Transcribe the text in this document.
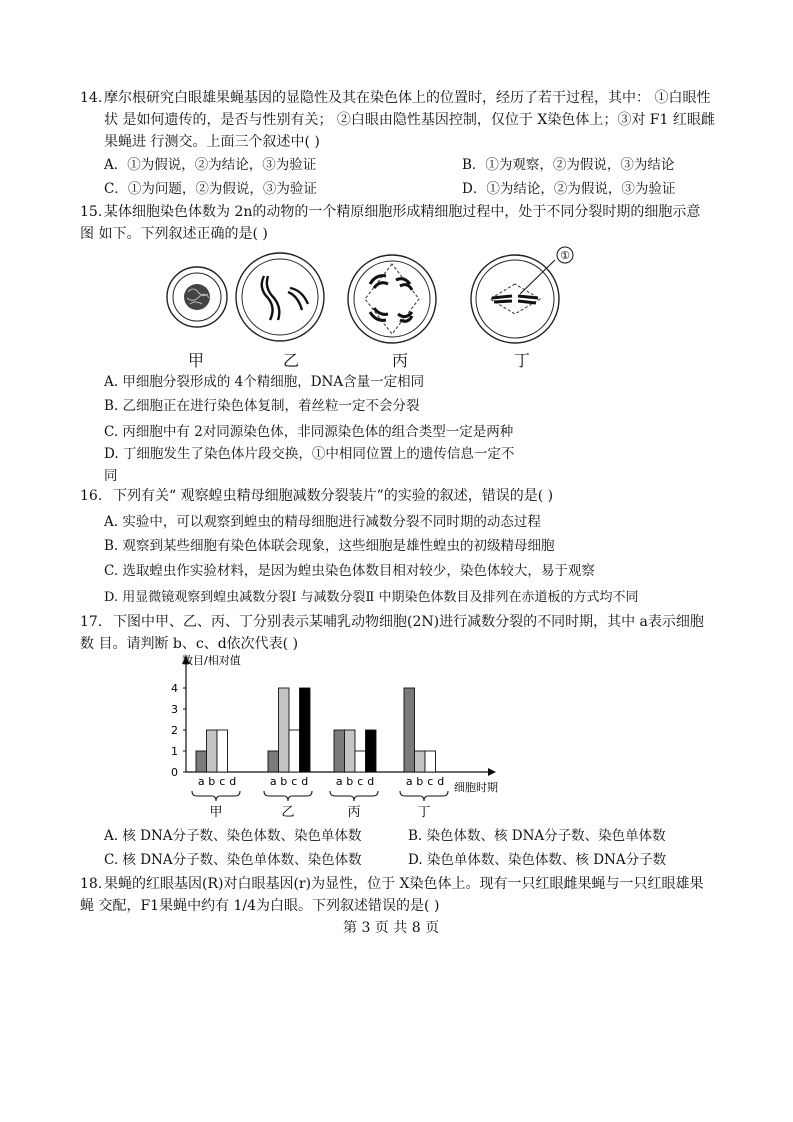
14. 摩尔根研究白眼雄果蝇基因的显隐性及其在染色体上的位置时，经历了若干过程，其中： ①白眼性
状 是如何遗传的，是否与性别有关； ②白眼由隐性基因控制，仅位于 X染色体上；③对 F1 红眼雌
果蝇进 行测交。上面三个叙述中( )
A．①为假说，②为结论，③为验证	B．①为观察，②为假说，③为结论
C．①为问题，②为假说，③为验证	D．①为结论，②为假说，③为验证
15. 某体细胞染色体数为 2n的动物的一个精原细胞形成精细胞过程中，处于不同分裂时期的细胞示意
图 如下。下列叙述正确的是( )
①
甲	乙	丙	丁
A. 甲细胞分裂形成的 4个精细胞，DNA含量一定相同
B. 乙细胞正在进行染色体复制，着丝粒一定不会分裂
C. 丙细胞中有 2对同源染色体，非同源染色体的组合类型一定是两种
D. 丁细胞发生了染色体片段交换，①中相同位置上的遗传信息一定不
同
16. 下列有关“ 观察蝗虫精母细胞减数分裂装片”的实验的叙述，错误的是( )
A. 实验中，可以观察到蝗虫的精母细胞进行减数分裂不同时期的动态过程
B. 观察到某些细胞有染色体联会现象，这些细胞是雄性蝗虫的初级精母细胞
C. 选取蝗虫作实验材料，是因为蝗虫染色体数目相对较少，染色体较大，易于观察
D. 用显微镜观察到蝗虫减数分裂Ⅰ 与减数分裂Ⅱ 中期染色体数目及排列在赤道板的方式均不同
17. 下图中甲、乙、丙、丁分别表示某哺乳动物细胞(2N)进行减数分裂的不同时期，其中 a表示细胞
数 目。请判断 b、c、d依次代表( )
数目/相对值
0
1
2
3
4
a b c d
甲
a b c d
乙
a b c d
丙
a b c d
丁
细胞时期
A. 核 DNA分子数、染色体数、染色单体数	B. 染色体数、核 DNA分子数、染色单体数
C. 核 DNA分子数、染色单体数、染色体数	D. 染色单体数、染色体数、核 DNA分子数
18. 果蝇的红眼基因(R)对白眼基因(r)为显性，位于 X染色体上。现有一只红眼雌果蝇与一只红眼雄果
蝇 交配，F1果蝇中约有 1/4为白眼。下列叙述错误的是( )
第 3 页 共 8 页
